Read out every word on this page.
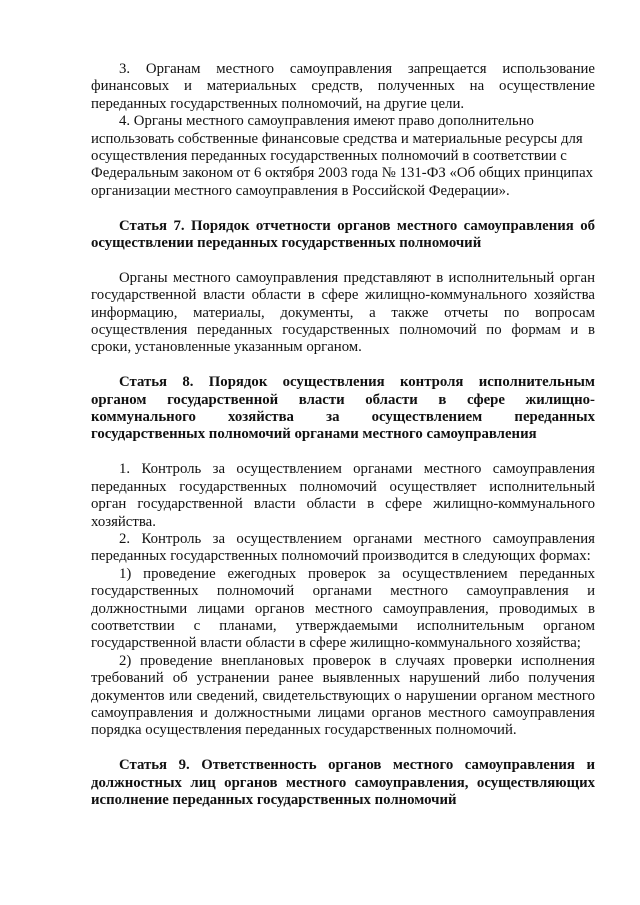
3. Органам местного самоуправления запрещается использование финансовых и материальных средств, полученных на осуществление переданных государственных полномочий, на другие цели.

4. Органы местного самоуправления имеют право дополнительно использовать собственные финансовые средства и материальные ресурсы для осуществления переданных государственных полномочий в соответствии с Федеральным законом от 6 октября 2003 года № 131-ФЗ «Об общих принципах организации местного самоуправления в Российской Федерации».

Статья 7. Порядок отчетности органов местного самоуправления об осуществлении переданных государственных полномочий

Органы местного самоуправления представляют в исполнительный орган государственной власти области в сфере жилищно-коммунального хозяйства информацию, материалы, документы, а также отчеты по вопросам осуществления переданных государственных полномочий по формам и в сроки, установленные указанным органом.

Статья 8. Порядок осуществления контроля исполнительным органом государственной власти области в сфере жилищно-коммунального хозяйства за осуществлением переданных государственных полномочий органами местного самоуправления

1. Контроль за осуществлением органами местного самоуправления переданных государственных полномочий осуществляет исполнительный орган государственной власти области в сфере жилищно-коммунального хозяйства.

2. Контроль за осуществлением органами местного самоуправления переданных государственных полномочий производится в следующих формах:

1) проведение ежегодных проверок за осуществлением переданных государственных полномочий органами местного самоуправления и должностными лицами органов местного самоуправления, проводимых в соответствии с планами, утверждаемыми исполнительным органом государственной власти области в сфере жилищно-коммунального хозяйства;

2) проведение внеплановых проверок в случаях проверки исполнения требований об устранении ранее выявленных нарушений либо получения документов или сведений, свидетельствующих о нарушении органом местного самоуправления и должностными лицами органов местного самоуправления порядка осуществления переданных государственных полномочий.

Статья 9. Ответственность органов местного самоуправления и должностных лиц органов местного самоуправления, осуществляющих исполнение переданных государственных полномочий
